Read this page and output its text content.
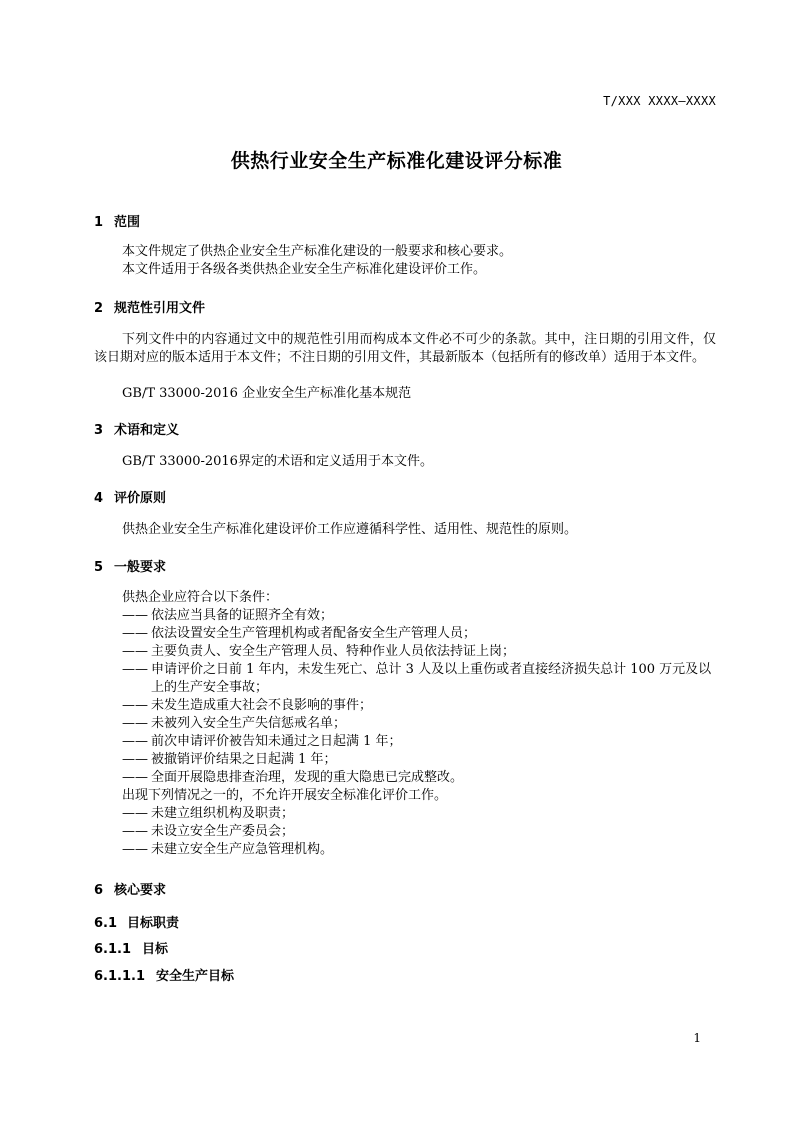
T/XXX XXXX—XXXX
供热行业安全生产标准化建设评分标准
1 范围
本文件规定了供热企业安全生产标准化建设的一般要求和核心要求。
本文件适用于各级各类供热企业安全生产标准化建设评价工作。
2 规范性引用文件
下列文件中的内容通过文中的规范性引用而构成本文件必不可少的条款。其中，注日期的引用文件，仅该日期对应的版本适用于本文件；不注日期的引用文件，其最新版本（包括所有的修改单）适用于本文件。
GB/T 33000-2016 企业安全生产标准化基本规范
3 术语和定义
GB/T 33000-2016界定的术语和定义适用于本文件。
4 评价原则
供热企业安全生产标准化建设评价工作应遵循科学性、适用性、规范性的原则。
5 一般要求
供热企业应符合以下条件：
—— 依法应当具备的证照齐全有效；
—— 依法设置安全生产管理机构或者配备安全生产管理人员；
—— 主要负责人、安全生产管理人员、特种作业人员依法持证上岗；
—— 申请评价之日前 1 年内，未发生死亡、总计 3 人及以上重伤或者直接经济损失总计 100 万元及以上的生产安全事故；
—— 未发生造成重大社会不良影响的事件；
—— 未被列入安全生产失信惩戒名单；
—— 前次申请评价被告知未通过之日起满 1 年；
—— 被撤销评价结果之日起满 1 年；
—— 全面开展隐患排查治理，发现的重大隐患已完成整改。
出现下列情况之一的，不允许开展安全标准化评价工作。
—— 未建立组织机构及职责；
—— 未设立安全生产委员会；
—— 未建立安全生产应急管理机构。
6 核心要求
6.1 目标职责
6.1.1 目标
6.1.1.1 安全生产目标
1
